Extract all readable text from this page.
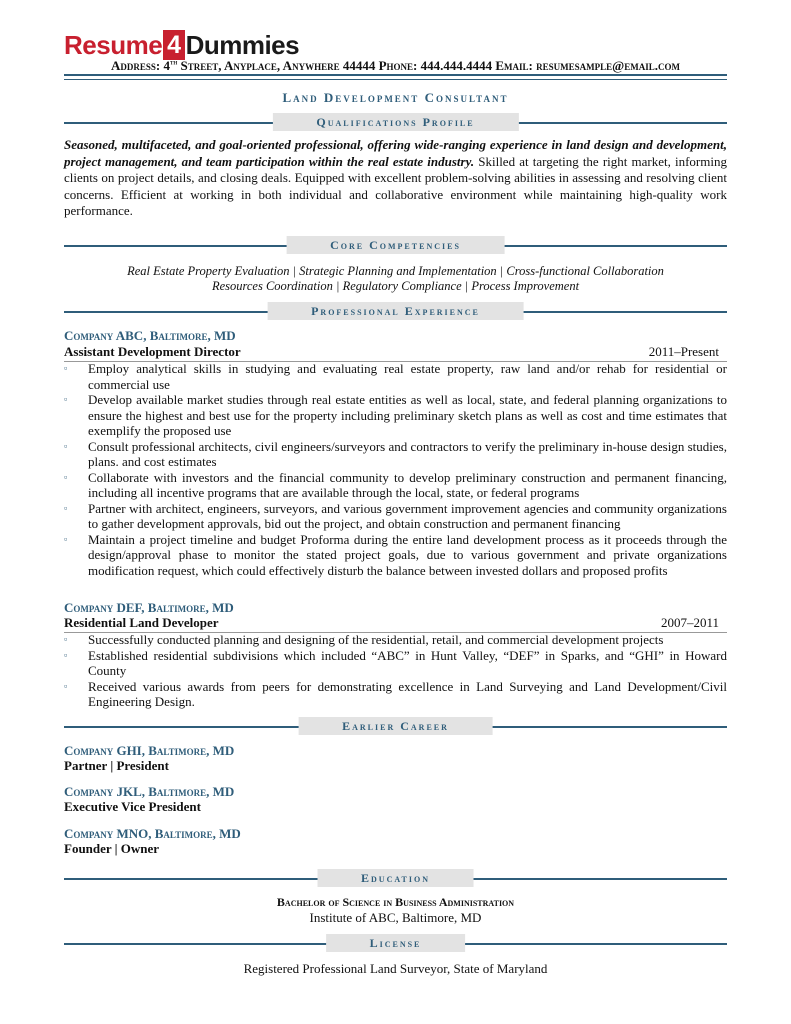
Resume 4 Dummies
Address: 4th Street, Anyplace, Anywhere 44444 Phone: 444.444.4444 Email: resumesample@email.com
Land Development Consultant
Qualifications Profile
Seasoned, multifaceted, and goal-oriented professional, offering wide-ranging experience in land design and development, project management, and team participation within the real estate industry. Skilled at targeting the right market, informing clients on project details, and closing deals. Equipped with excellent problem-solving abilities in assessing and resolving client concerns. Efficient at working in both individual and collaborative environment while maintaining high-quality work performance.
Core Competencies
Real Estate Property Evaluation | Strategic Planning and Implementation | Cross-functional Collaboration
Resources Coordination | Regulatory Compliance | Process Improvement
Professional Experience
Company ABC, Baltimore, MD
Assistant Development Director	2011–Present
▫ Employ analytical skills in studying and evaluating real estate property, raw land and/or rehab for residential or commercial use
▫ Develop available market studies through real estate entities as well as local, state, and federal planning organizations to ensure the highest and best use for the property including preliminary sketch plans as well as cost and time estimates that exemplify the proposed use
▫ Consult professional architects, civil engineers/surveyors and contractors to verify the preliminary in-house design studies, plans. and cost estimates
▫ Collaborate with investors and the financial community to develop preliminary construction and permanent financing, including all incentive programs that are available through the local, state, or federal programs
▫ Partner with architect, engineers, surveyors, and various government improvement agencies and community organizations to gather development approvals, bid out the project, and obtain construction and permanent financing
▫ Maintain a project timeline and budget Proforma during the entire land development process as it proceeds through the design/approval phase to monitor the stated project goals, due to various government and private organizations modification request, which could effectively disturb the balance between invested dollars and proposed profits
Company DEF, Baltimore, MD
Residential Land Developer	2007–2011
▫ Successfully conducted planning and designing of the residential, retail, and commercial development projects
▫ Established residential subdivisions which included “ABC” in Hunt Valley, “DEF” in Sparks, and “GHI” in Howard County
▫ Received various awards from peers for demonstrating excellence in Land Surveying and Land Development/Civil Engineering Design.
Earlier Career
Company GHI, Baltimore, MD
Partner | President
Company JKL, Baltimore, MD
Executive Vice President
Company MNO, Baltimore, MD
Founder | Owner
Education
Bachelor of Science in Business Administration
Institute of ABC, Baltimore, MD
License
Registered Professional Land Surveyor, State of Maryland
